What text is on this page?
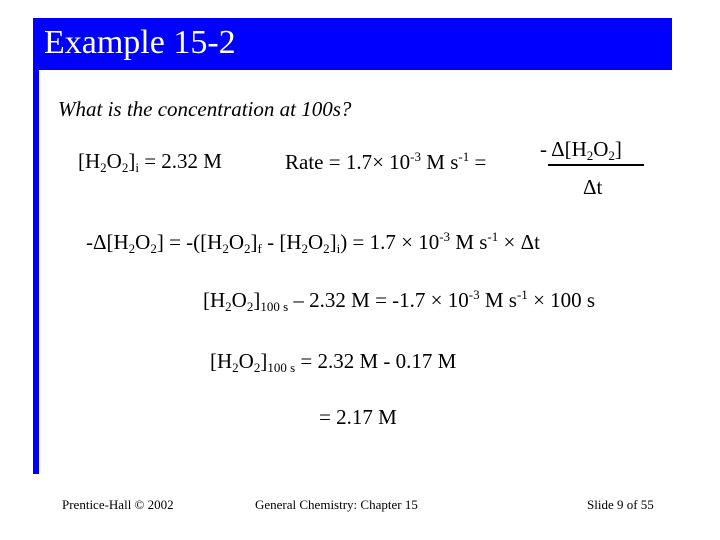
Example 15-2
What is the concentration at 100s?
$[H_2O_2]_i = 2.32$ M	Rate = $1.7\times 10^{-3}$ M $s^{-1}$ =
- $\Delta[H_2O_2]$
Δt
$-\Delta[H_2O_2] = -([H_2O_2]_f - [H_2O_2]_i) = 1.7 \times 10^{-3}$ M $s^{-1} \times \Delta t$
$[H_2O_2]_{100 s} - 2.32$ $M = -1.7 \times 10^{-3}$ M $s^{-1} \times 100$ s
$[H_2O_2]_{100 s} = 2.32$ M - 0.17 M
= 2.17 M
Prentice-Hall © 2002	General Chemistry: Chapter 15	Slide 9 of 55
